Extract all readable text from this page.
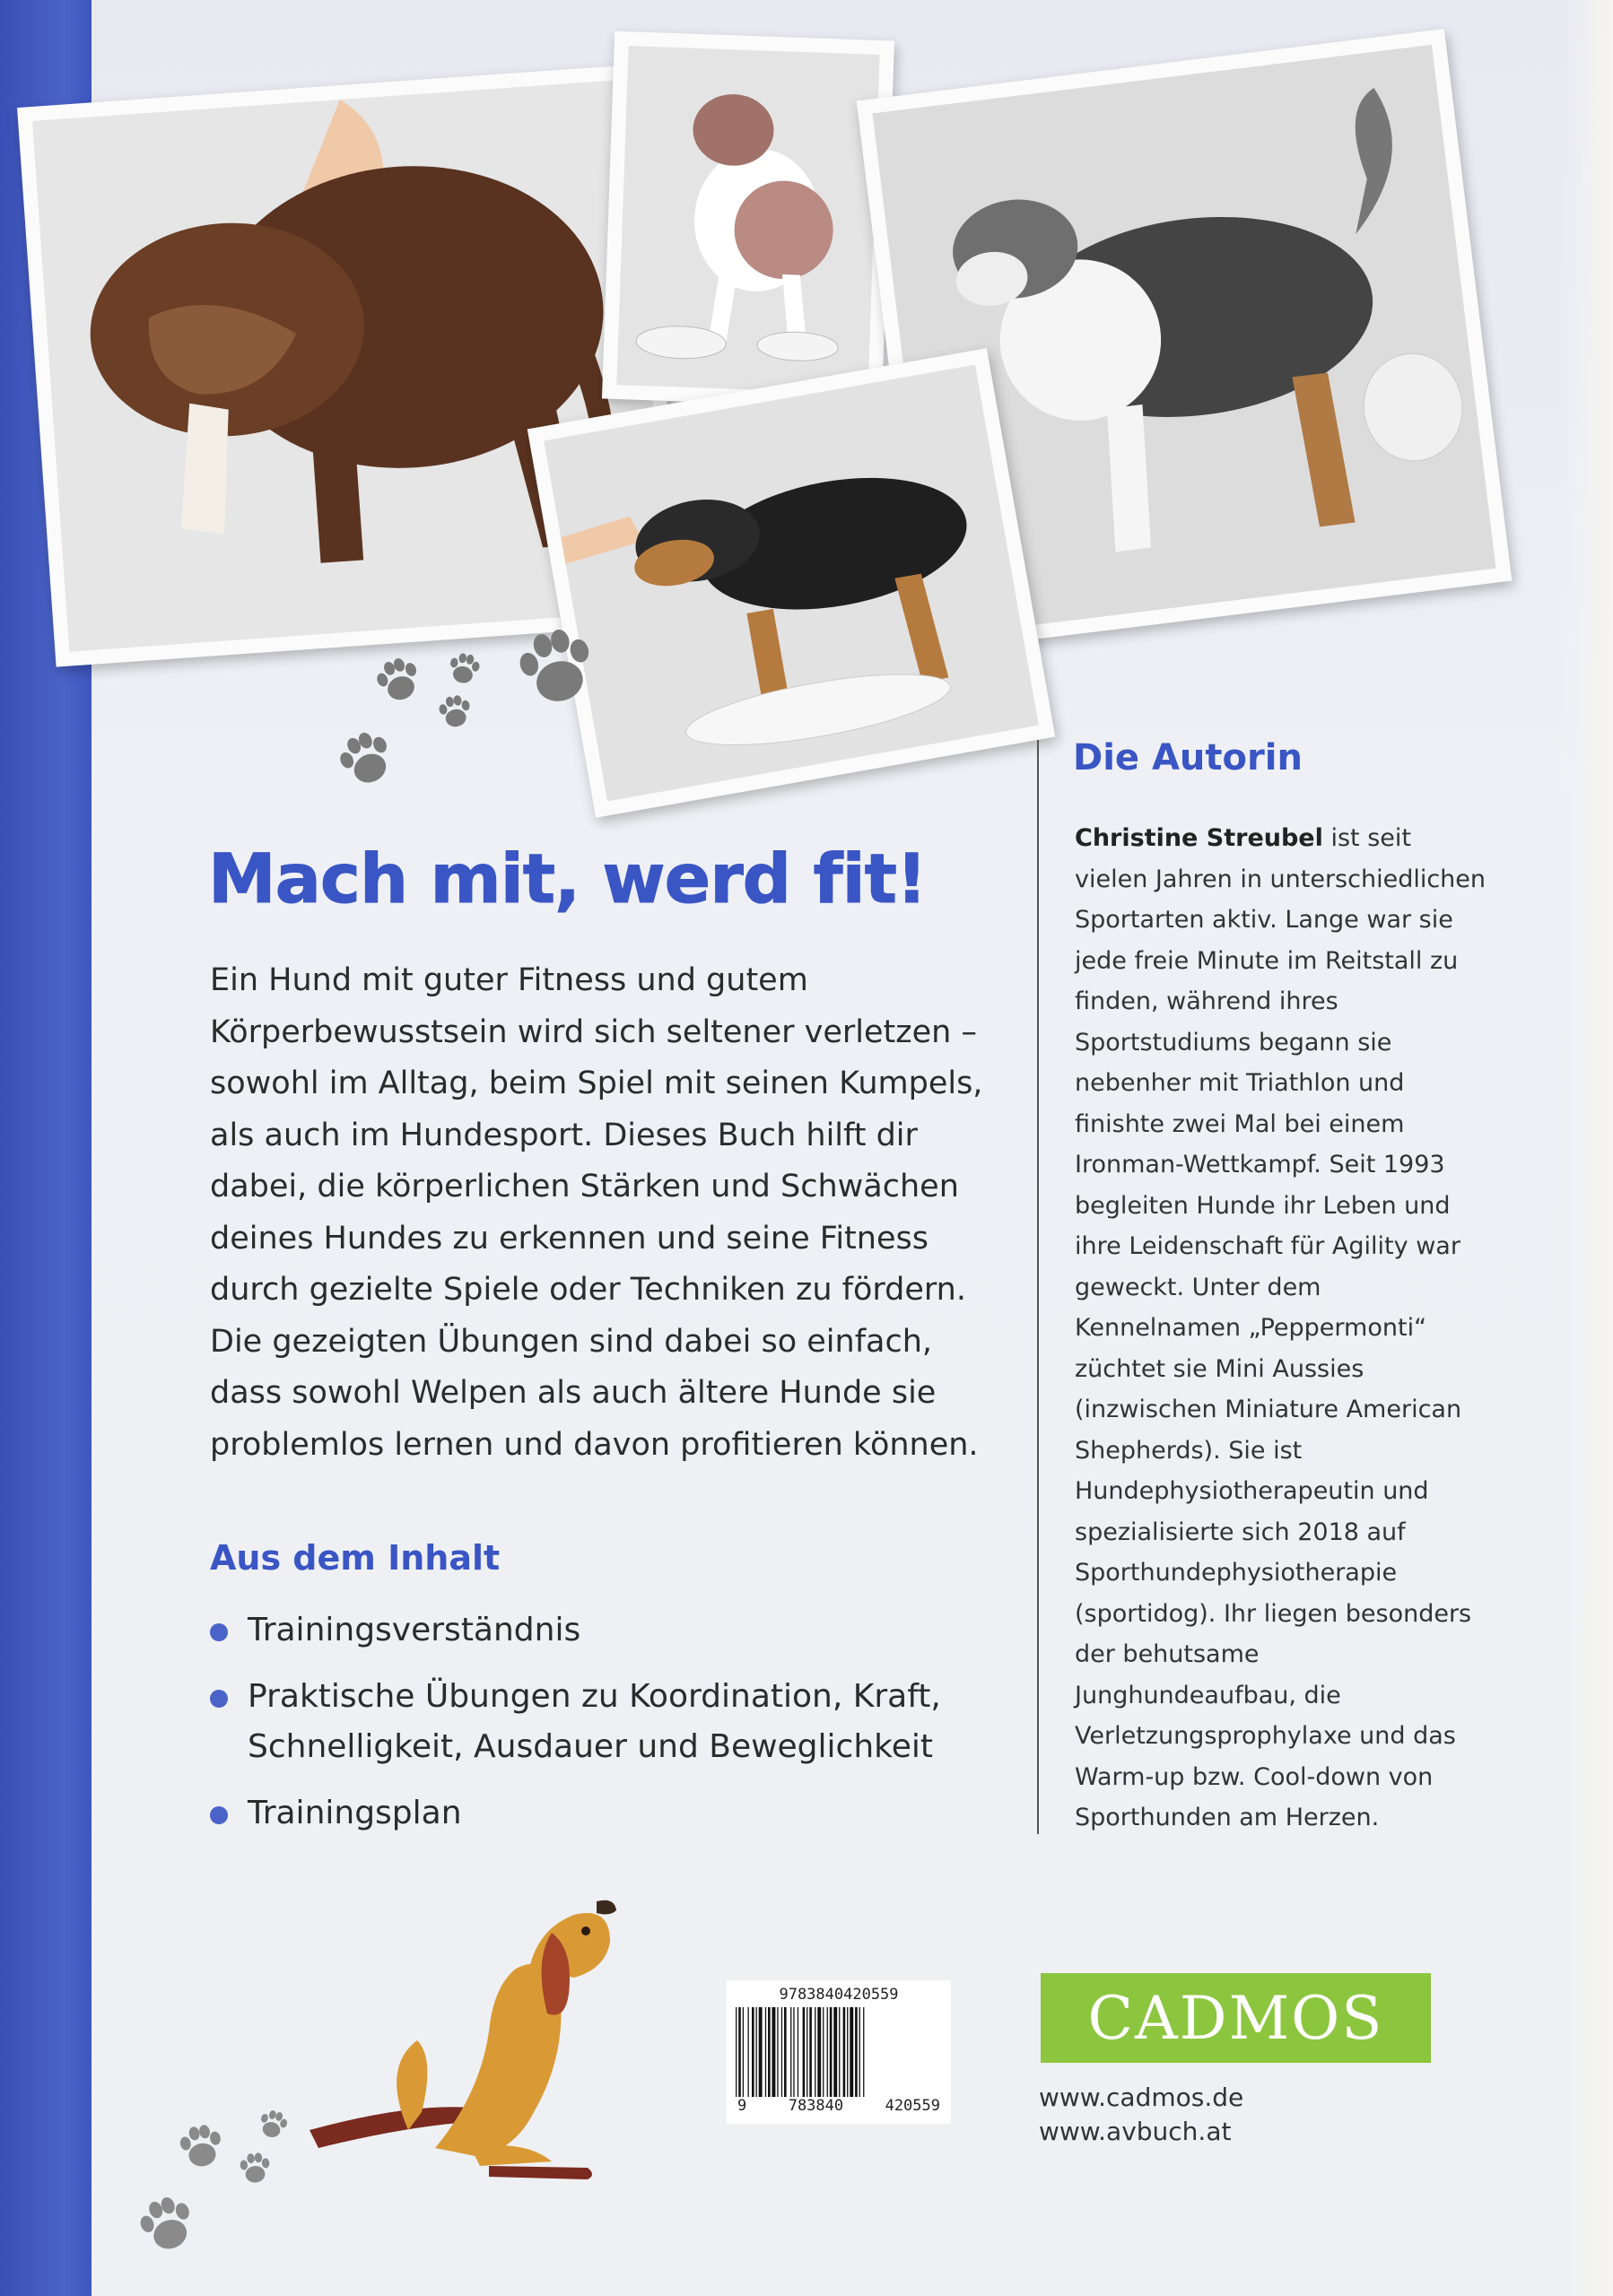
Mach mit, werd fit!

Ein Hund mit guter Fitness und gutem Körperbewusstsein wird sich seltener verletzen – sowohl im Alltag, beim Spiel mit seinen Kumpels, als auch im Hundesport. Dieses Buch hilft dir dabei, die körperlichen Stärken und Schwächen deines Hundes zu erkennen und seine Fitness durch gezielte Spiele oder Techniken zu fördern. Die gezeigten Übungen sind dabei so einfach, dass sowohl Welpen als auch ältere Hunde sie problemlos lernen und davon profitieren können.

Aus dem Inhalt
Trainingsverständnis
Praktische Übungen zu Koordination, Kraft, Schnelligkeit, Ausdauer und Beweglichkeit
Trainingsplan
Die Autorin

Christine Streubel ist seit vielen Jahren in unterschiedlichen Sportarten aktiv. Lange war sie jede freie Minute im Reitstall zu finden, während ihres Sportstudiums begann sie nebenher mit Triathlon und finishte zwei Mal bei einem Ironman-Wettkampf. Seit 1993 begleiten Hunde ihr Leben und ihre Leidenschaft für Agility war geweckt. Unter dem Kennelnamen „Peppermonti“ züchtet sie Mini Aussies (inzwischen Miniature American Shepherds). Sie ist Hundephysiotherapeutin und spezialisierte sich 2018 auf Sporthundephysiotherapie (sportidog). Ihr liegen besonders der behutsame Junghundeaufbau, die Verletzungsprophylaxe und das Warm-up bzw. Cool-down von Sporthunden am Herzen.

9783840420559
9	783840	420559
CADMOS
www.cadmos.de
www.avbuch.at
